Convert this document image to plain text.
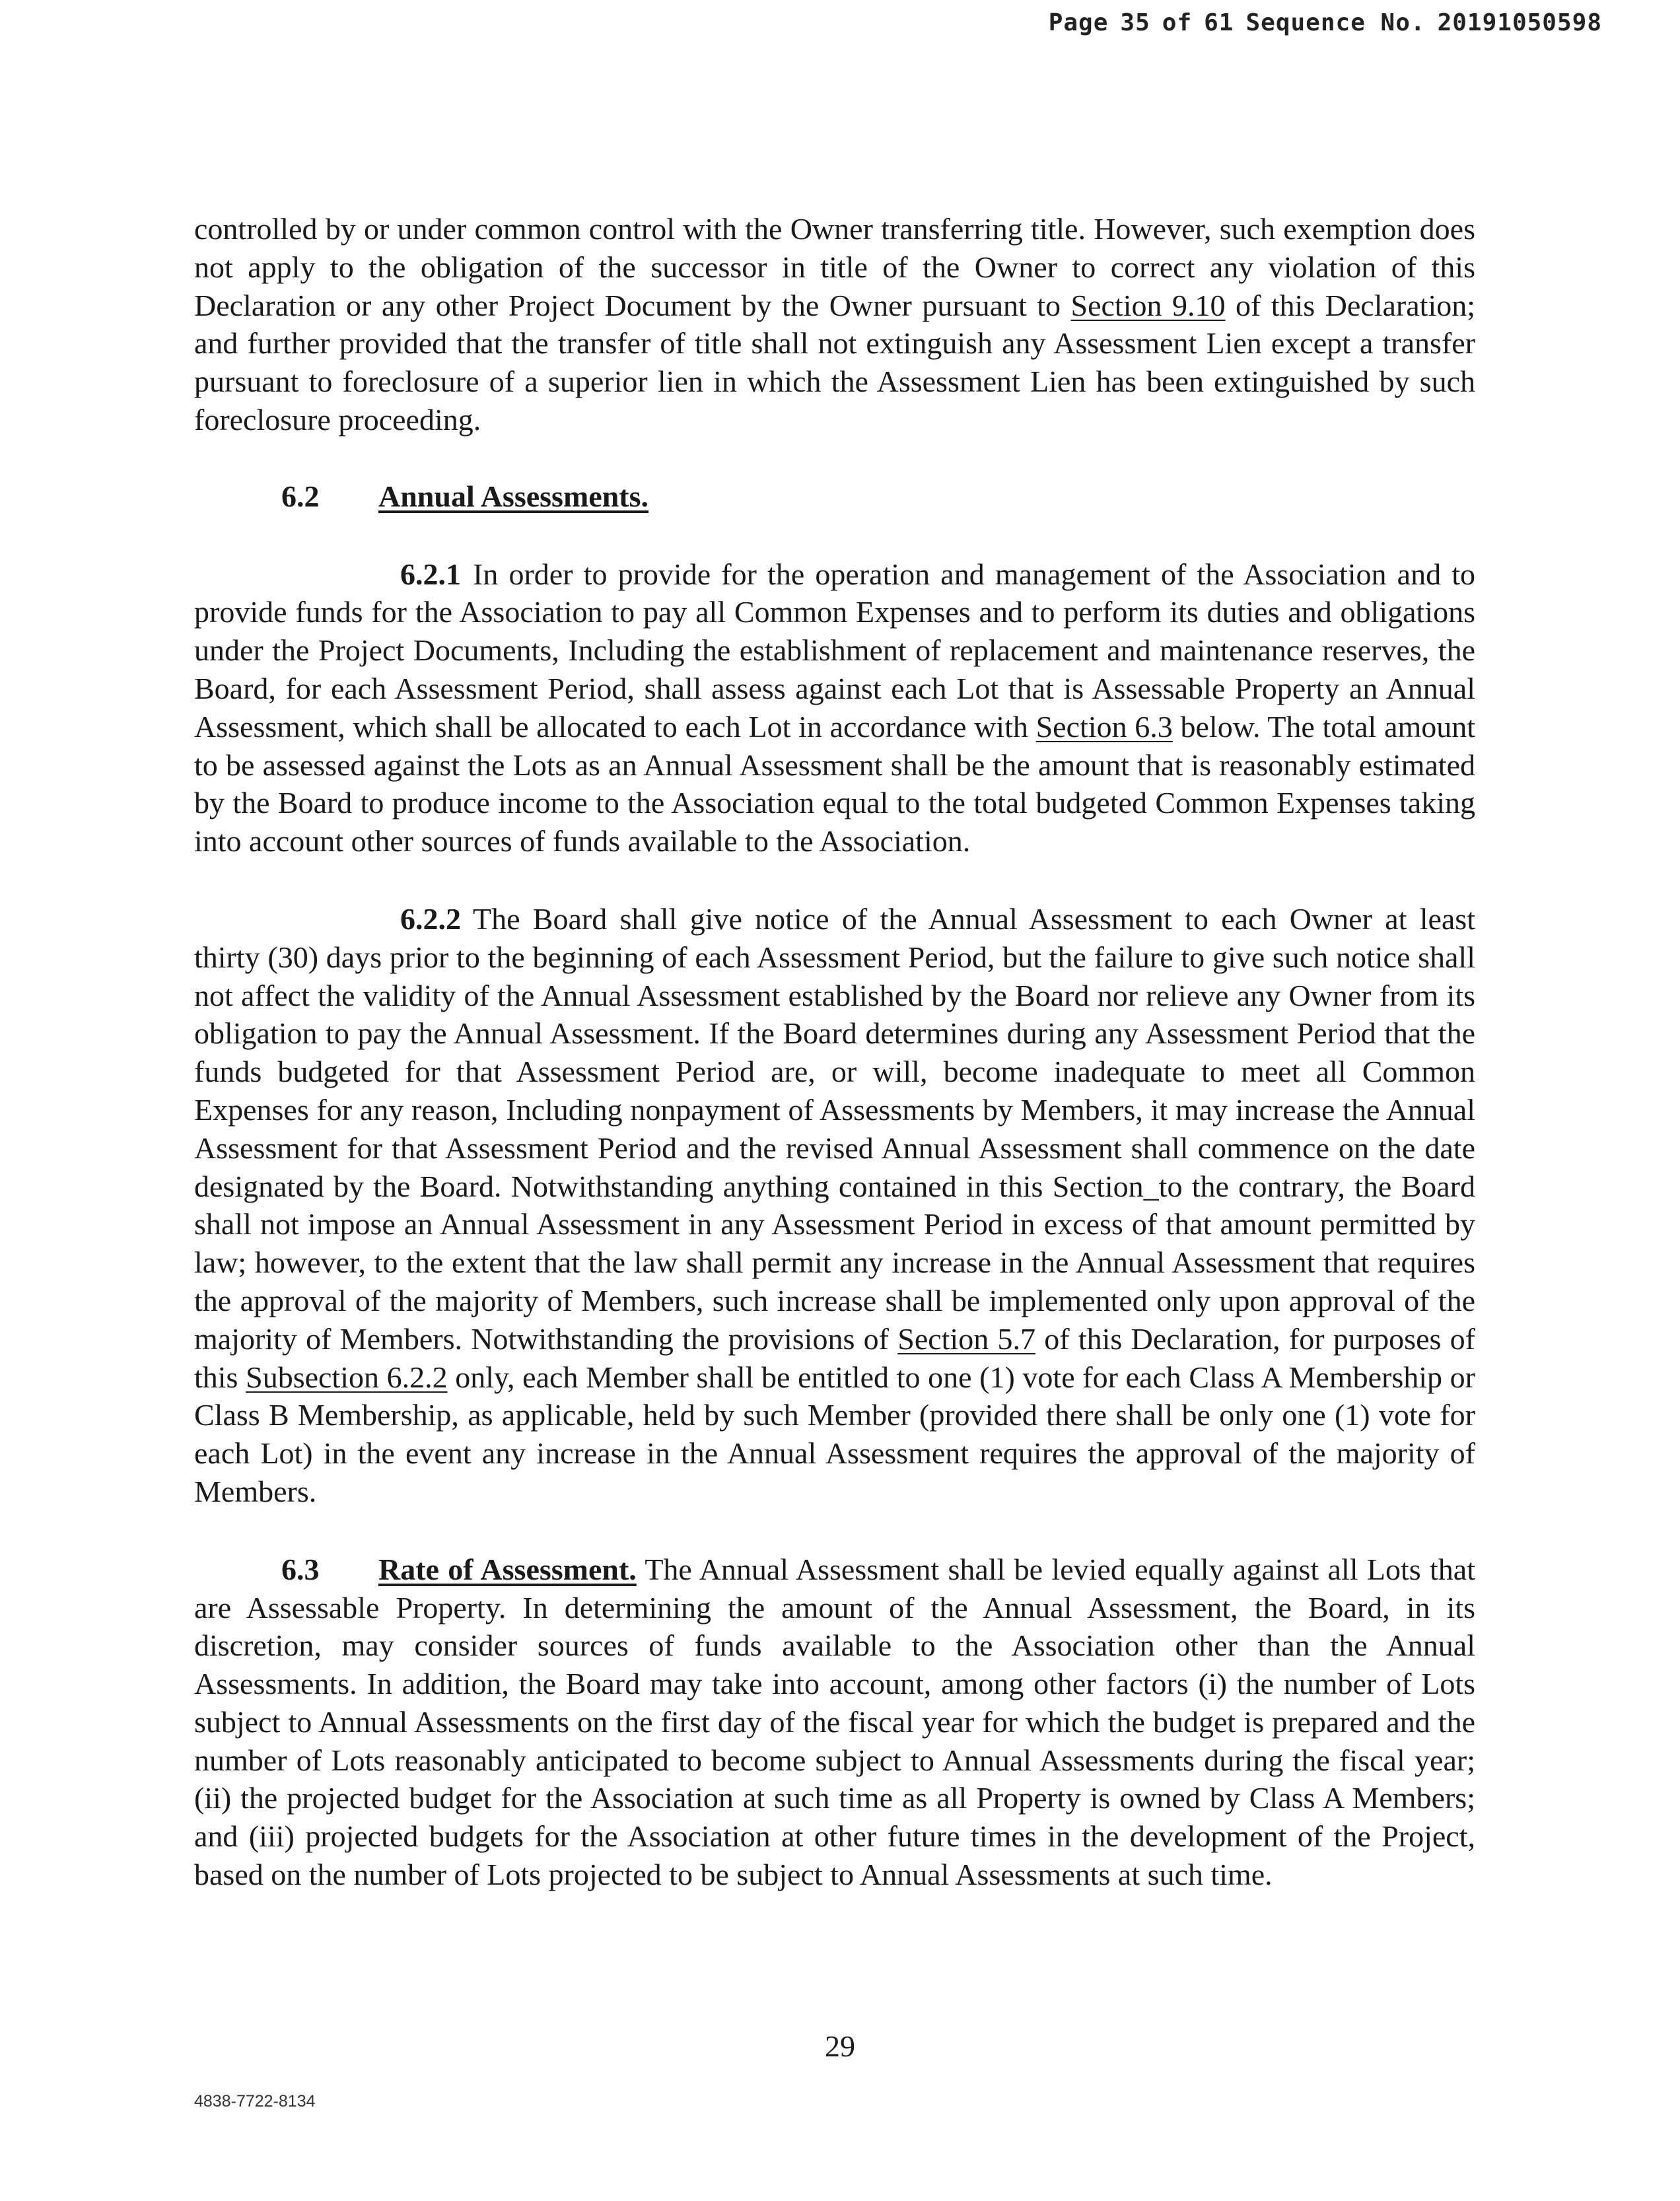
Page 35 of 61 Sequence No. 20191050598

controlled by or under common control with the Owner transferring title. However, such exemption does not apply to the obligation of the successor in title of the Owner to correct any violation of this Declaration or any other Project Document by the Owner pursuant to Section 9.10 of this Declaration; and further provided that the transfer of title shall not extinguish any Assessment Lien except a transfer pursuant to foreclosure of a superior lien in which the Assessment Lien has been extinguished by such foreclosure proceeding.

6.2 Annual Assessments.

6.2.1 In order to provide for the operation and management of the Association and to provide funds for the Association to pay all Common Expenses and to perform its duties and obligations under the Project Documents, Including the establishment of replacement and maintenance reserves, the Board, for each Assessment Period, shall assess against each Lot that is Assessable Property an Annual Assessment, which shall be allocated to each Lot in accordance with Section 6.3 below. The total amount to be assessed against the Lots as an Annual Assessment shall be the amount that is reasonably estimated by the Board to produce income to the Association equal to the total budgeted Common Expenses taking into account other sources of funds available to the Association.

6.2.2 The Board shall give notice of the Annual Assessment to each Owner at least thirty (30) days prior to the beginning of each Assessment Period, but the failure to give such notice shall not affect the validity of the Annual Assessment established by the Board nor relieve any Owner from its obligation to pay the Annual Assessment. If the Board determines during any Assessment Period that the funds budgeted for that Assessment Period are, or will, become inadequate to meet all Common Expenses for any reason, Including nonpayment of Assessments by Members, it may increase the Annual Assessment for that Assessment Period and the revised Annual Assessment shall commence on the date designated by the Board. Notwithstanding anything contained in this Section_to the contrary, the Board shall not impose an Annual Assessment in any Assessment Period in excess of that amount permitted by law; however, to the extent that the law shall permit any increase in the Annual Assessment that requires the approval of the majority of Members, such increase shall be implemented only upon approval of the majority of Members. Notwithstanding the provisions of Section 5.7 of this Declaration, for purposes of this Subsection 6.2.2 only, each Member shall be entitled to one (1) vote for each Class A Membership or Class B Membership, as applicable, held by such Member (provided there shall be only one (1) vote for each Lot) in the event any increase in the Annual Assessment requires the approval of the majority of Members.

6.3 Rate of Assessment. The Annual Assessment shall be levied equally against all Lots that are Assessable Property. In determining the amount of the Annual Assessment, the Board, in its discretion, may consider sources of funds available to the Association other than the Annual Assessments. In addition, the Board may take into account, among other factors (i) the number of Lots subject to Annual Assessments on the first day of the fiscal year for which the budget is prepared and the number of Lots reasonably anticipated to become subject to Annual Assessments during the fiscal year; (ii) the projected budget for the Association at such time as all Property is owned by Class A Members; and (iii) projected budgets for the Association at other future times in the development of the Project, based on the number of Lots projected to be subject to Annual Assessments at such time.

29
4838-7722-8134
